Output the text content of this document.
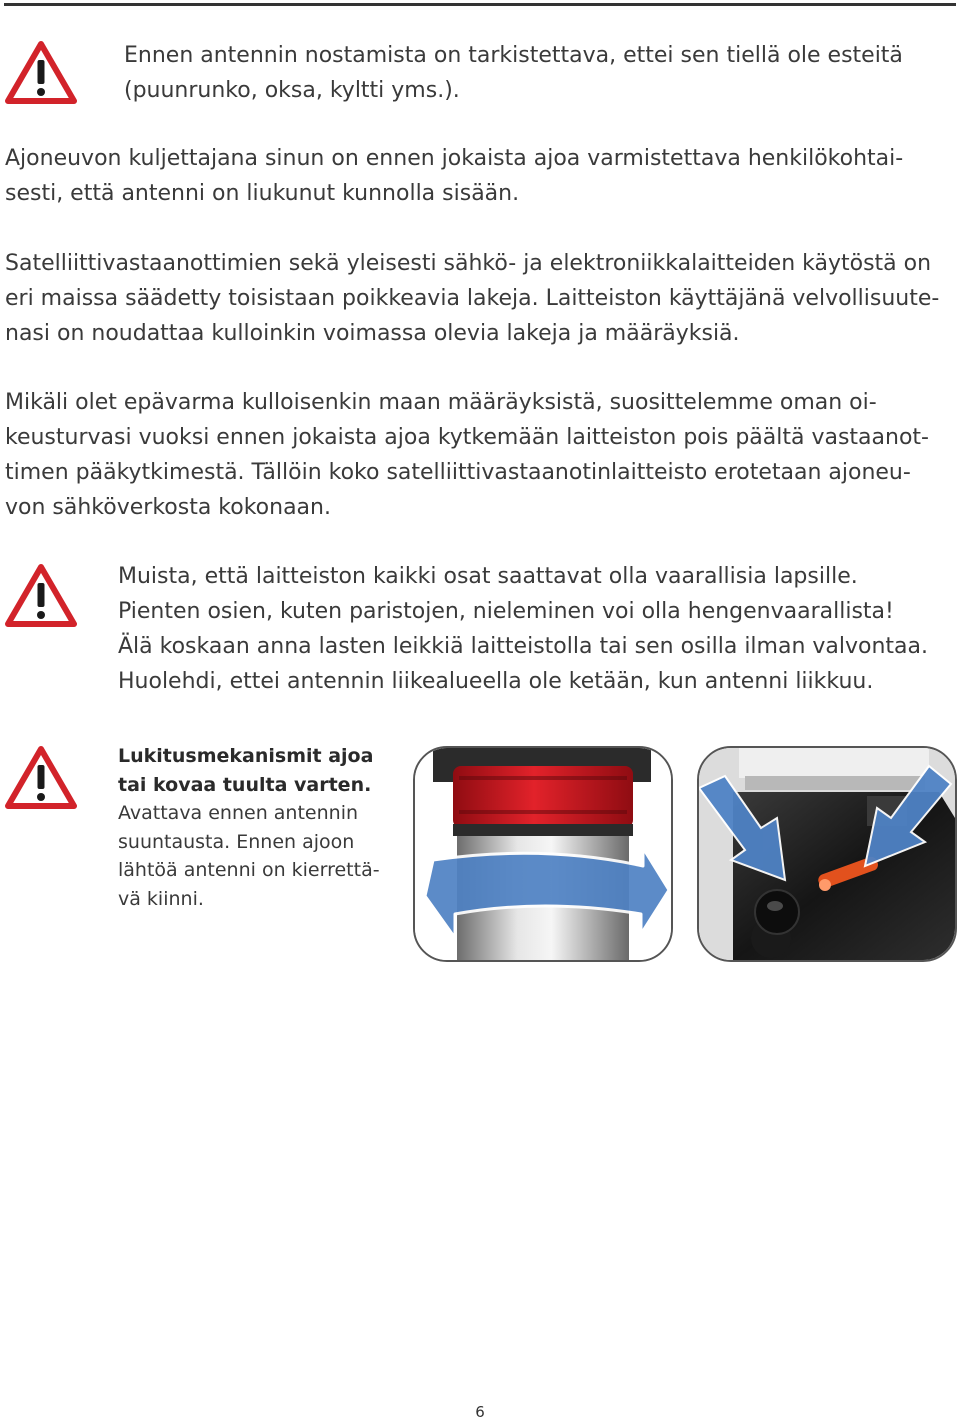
Ennen antennin nostamista on tarkistettava, ettei sen tiellä ole esteitä
(puunrunko, oksa, kyltti yms.).

Ajoneuvon kuljettajana sinun on ennen jokaista ajoa varmistettava henkilökohtai-
sesti, että antenni on liukunut kunnolla sisään.

Satelliittivastaanottimien sekä yleisesti sähkö- ja elektroniikkalaitteiden käytöstä on
eri maissa säädetty toisistaan poikkeavia lakeja. Laitteiston käyttäjänä velvollisuute-
nasi on noudattaa kulloinkin voimassa olevia lakeja ja määräyksiä.

Mikäli olet epävarma kulloisenkin maan määräyksistä, suosittelemme oman oi-
keusturvasi vuoksi ennen jokaista ajoa kytkemään laitteiston pois päältä vastaanot-
timen pääkytkimestä. Tällöin koko satelliittivastaanotinlaitteisto erotetaan ajoneu-
von sähköverkosta kokonaan.

Muista, että laitteiston kaikki osat saattavat olla vaarallisia lapsille.
Pienten osien, kuten paristojen, nieleminen voi olla hengenvaarallista!
Älä koskaan anna lasten leikkiä laitteistolla tai sen osilla ilman valvontaa.
Huolehdi, ettei antennin liikealueella ole ketään, kun antenni liikkuu.

Lukitusmekanismit ajoa
tai kovaa tuulta varten.
Avattava ennen antennin
suuntausta. Ennen ajoon
lähtöä antenni on kierrettä-
vä kiinni.
6
